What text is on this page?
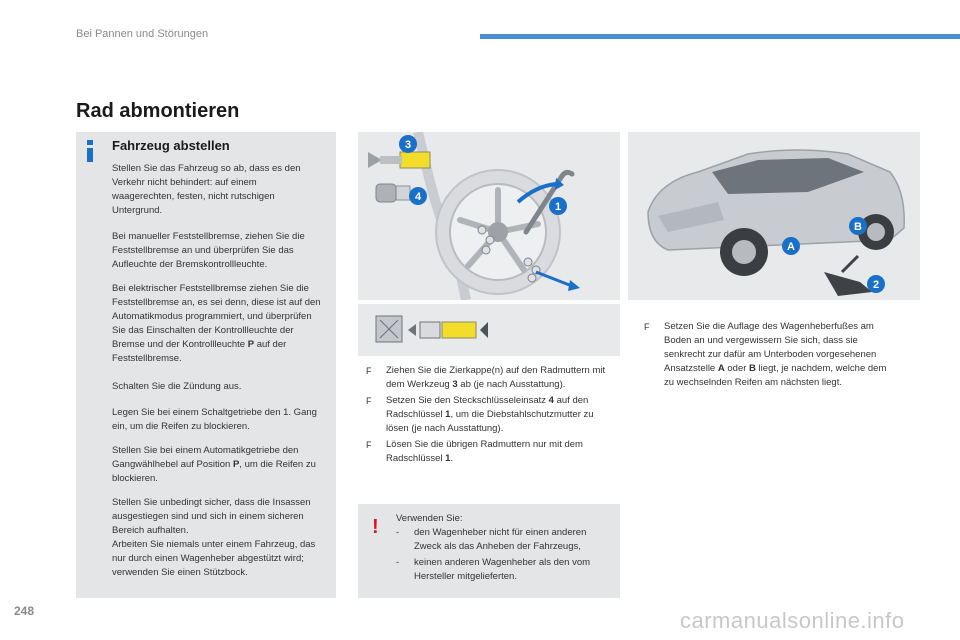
Bei Pannen und Störungen
Rad abmontieren
Fahrzeug abstellen
Stellen Sie das Fahrzeug so ab, dass es den Verkehr nicht behindert: auf einem waagerechten, festen, nicht rutschigen Untergrund.
Bei manueller Feststellbremse, ziehen Sie die Feststellbremse an und überprüfen Sie das Aufleuchte der Bremskontrollleuchte.
Bei elektrischer Feststellbremse ziehen Sie die Feststellbremse an, es sei denn, diese ist auf den Automatikmodus programmiert, und überprüfen Sie das Einschalten der Kontrollleuchte der Bremse und der Kontrollleuchte P auf der Feststellbremse.
Schalten Sie die Zündung aus.
Legen Sie bei einem Schaltgetriebe den 1. Gang ein, um die Reifen zu blockieren.
Stellen Sie bei einem Automatikgetriebe den Gangwählhebel auf Position P, um die Reifen zu blockieren.
Stellen Sie unbedingt sicher, dass die Insassen ausgestiegen sind und sich in einem sicheren Bereich aufhalten.
Arbeiten Sie niemals unter einem Fahrzeug, das nur durch einen Wagenheber abgestützt wird; verwenden Sie einen Stützbock.
3
4
1
A
B
2
F Ziehen Sie die Zierkappe(n) auf den Radmuttern mit dem Werkzeug 3 ab (je nach Ausstattung).
F Setzen Sie den Steckschlüsseleinsatz 4 auf den Radschlüssel 1, um die Diebstahlschutzmutter zu lösen (je nach Ausstattung).
F Lösen Sie die übrigen Radmuttern nur mit dem Radschlüssel 1.
F Setzen Sie die Auflage des Wagenheberfußes am Boden an und vergewissern Sie sich, dass sie senkrecht zur dafür am Unterboden vorgesehenen Ansatzstelle A oder B liegt, je nachdem, welche dem zu wechselnden Reifen am nächsten liegt.
! Verwenden Sie:
- den Wagenheber nicht für einen anderen Zweck als das Anheben der Fahrzeugs,
- keinen anderen Wagenheber als den vom Hersteller mitgelieferten.
248	carmanualsonline.info
